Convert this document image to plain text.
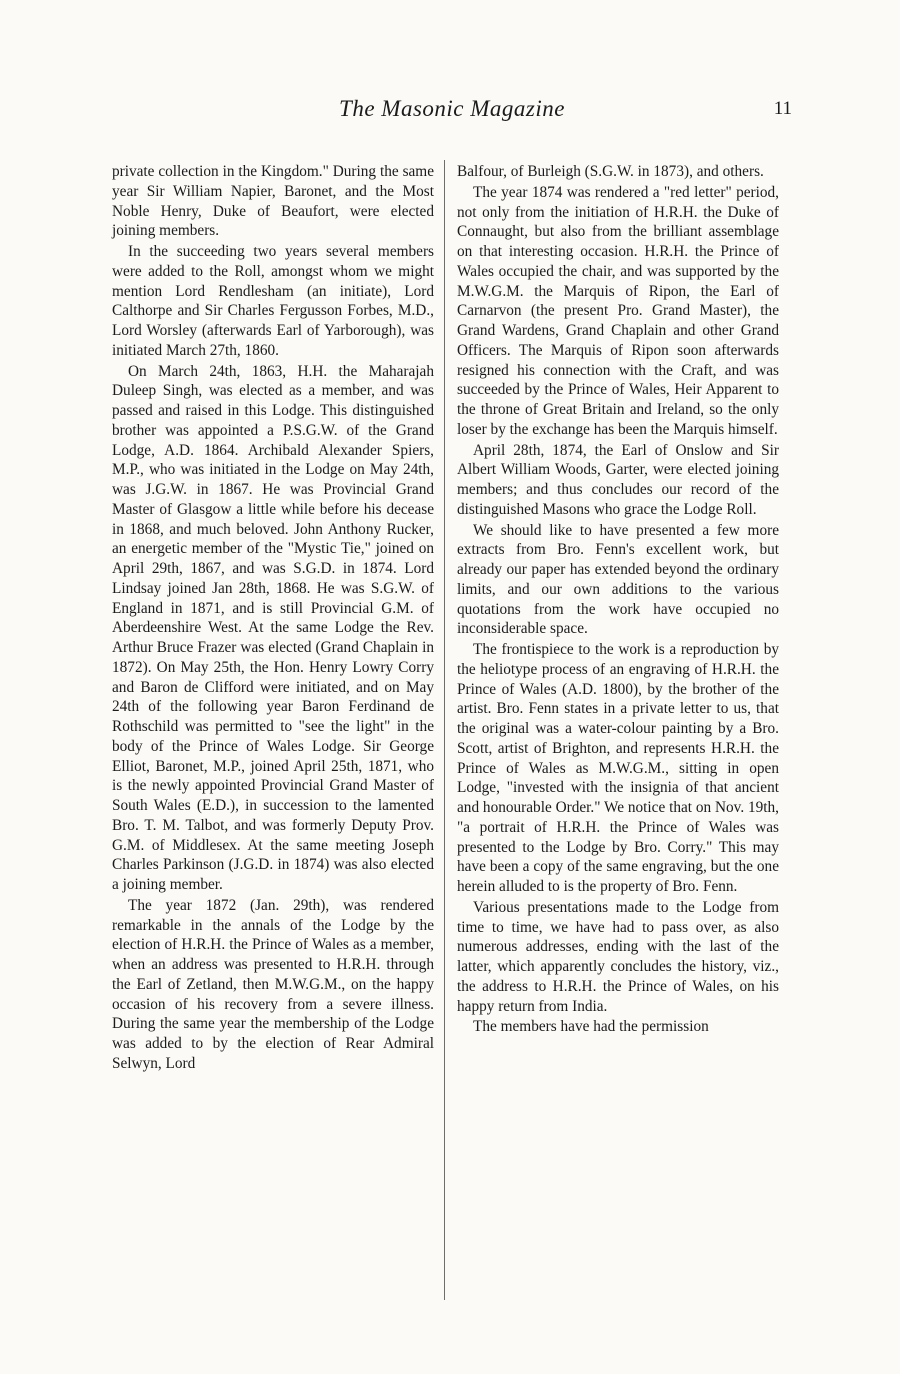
The Masonic Magazine	11

private collection in the Kingdom." During the same year Sir William Napier, Baronet, and the Most Noble Henry, Duke of Beaufort, were elected joining members.

In the succeeding two years several members were added to the Roll, amongst whom we might mention Lord Rendlesham (an initiate), Lord Calthorpe and Sir Charles Fergusson Forbes, M.D., Lord Worsley (afterwards Earl of Yarborough), was initiated March 27th, 1860.

On March 24th, 1863, H.H. the Maharajah Duleep Singh, was elected as a member, and was passed and raised in this Lodge. This distinguished brother was appointed a P.S.G.W. of the Grand Lodge, A.D. 1864. Archibald Alexander Spiers, M.P., who was initiated in the Lodge on May 24th, was J.G.W. in 1867. He was Provincial Grand Master of Glasgow a little while before his decease in 1868, and much beloved. John Anthony Rucker, an energetic member of the "Mystic Tie," joined on April 29th, 1867, and was S.G.D. in 1874. Lord Lindsay joined Jan 28th, 1868. He was S.G.W. of England in 1871, and is still Provincial G.M. of Aberdeenshire West. At the same Lodge the Rev. Arthur Bruce Frazer was elected (Grand Chaplain in 1872). On May 25th, the Hon. Henry Lowry Corry and Baron de Clifford were initiated, and on May 24th of the following year Baron Ferdinand de Rothschild was permitted to "see the light" in the body of the Prince of Wales Lodge. Sir George Elliot, Baronet, M.P., joined April 25th, 1871, who is the newly appointed Provincial Grand Master of South Wales (E.D.), in succession to the lamented Bro. T. M. Talbot, and was formerly Deputy Prov. G.M. of Middlesex. At the same meeting Joseph Charles Parkinson (J.G.D. in 1874) was also elected a joining member.

The year 1872 (Jan. 29th), was rendered remarkable in the annals of the Lodge by the election of H.R.H. the Prince of Wales as a member, when an address was presented to H.R.H. through the Earl of Zetland, then M.W.G.M., on the happy occasion of his recovery from a severe illness. During the same year the membership of the Lodge was added to by the election of Rear Admiral Selwyn, Lord

Balfour, of Burleigh (S.G.W. in 1873), and others.

The year 1874 was rendered a "red letter" period, not only from the initiation of H.R.H. the Duke of Connaught, but also from the brilliant assemblage on that interesting occasion. H.R.H. the Prince of Wales occupied the chair, and was supported by the M.W.G.M. the Marquis of Ripon, the Earl of Carnarvon (the present Pro. Grand Master), the Grand Wardens, Grand Chaplain and other Grand Officers. The Marquis of Ripon soon afterwards resigned his connection with the Craft, and was succeeded by the Prince of Wales, Heir Apparent to the throne of Great Britain and Ireland, so the only loser by the exchange has been the Marquis himself.

April 28th, 1874, the Earl of Onslow and Sir Albert William Woods, Garter, were elected joining members; and thus concludes our record of the distinguished Masons who grace the Lodge Roll.

We should like to have presented a few more extracts from Bro. Fenn's excellent work, but already our paper has extended beyond the ordinary limits, and our own additions to the various quotations from the work have occupied no inconsiderable space.

The frontispiece to the work is a reproduction by the heliotype process of an engraving of H.R.H. the Prince of Wales (A.D. 1800), by the brother of the artist. Bro. Fenn states in a private letter to us, that the original was a water-colour painting by a Bro. Scott, artist of Brighton, and represents H.R.H. the Prince of Wales as M.W.G.M., sitting in open Lodge, "invested with the insignia of that ancient and honourable Order." We notice that on Nov. 19th, "a portrait of H.R.H. the Prince of Wales was presented to the Lodge by Bro. Corry." This may have been a copy of the same engraving, but the one herein alluded to is the property of Bro. Fenn.

Various presentations made to the Lodge from time to time, we have had to pass over, as also numerous addresses, ending with the last of the latter, which apparently concludes the history, viz., the address to H.R.H. the Prince of Wales, on his happy return from India.

The members have had the permission
